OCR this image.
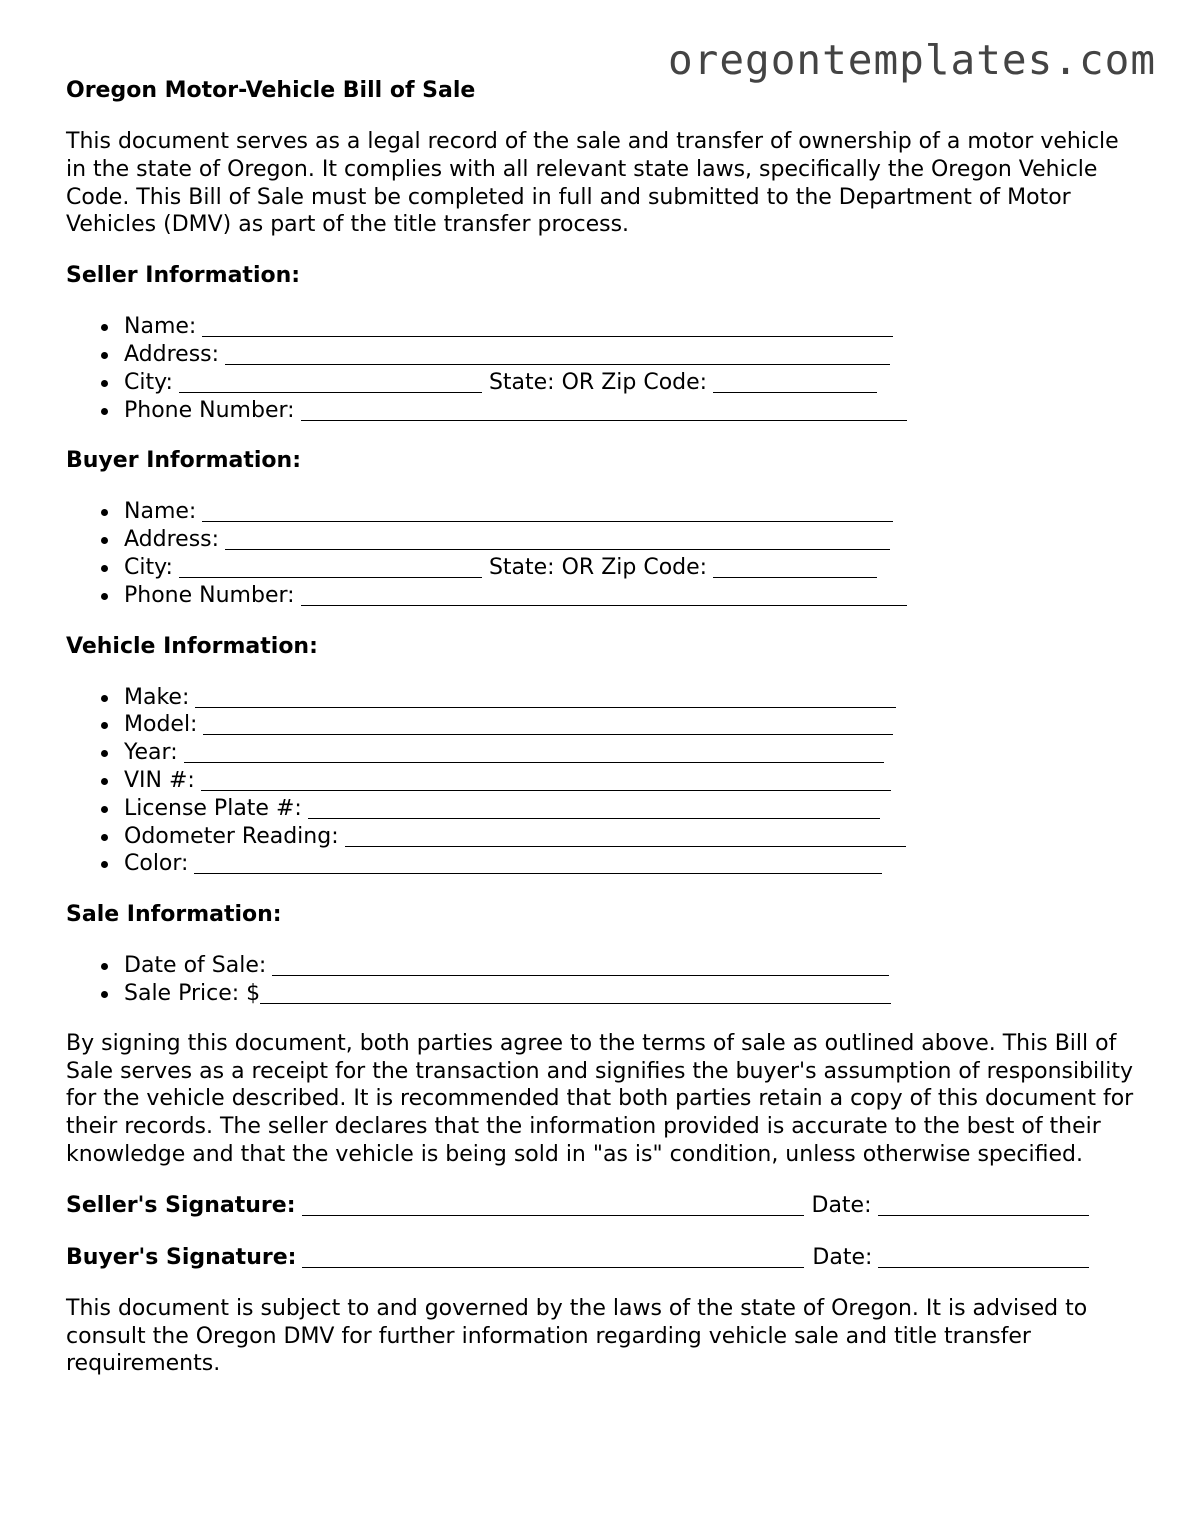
oregontemplates.com
Oregon Motor-Vehicle Bill of Sale

This document serves as a legal record of the sale and transfer of ownership of a motor vehicle in the state of Oregon. It complies with all relevant state laws, specifically the Oregon Vehicle Code. This Bill of Sale must be completed in full and submitted to the Department of Motor Vehicles (DMV) as part of the title transfer process.

Seller Information:
Name:
Address:
City:	State: OR Zip Code:
Phone Number:
Buyer Information:
Name:
Address:
City:	State: OR Zip Code:
Phone Number:
Vehicle Information:
Make:
Model:
Year:
VIN #:
License Plate #:
Odometer Reading:
Color:
Sale Information:
Date of Sale:
Sale Price: $

By signing this document, both parties agree to the terms of sale as outlined above. This Bill of Sale serves as a receipt for the transaction and signifies the buyer's assumption of responsibility for the vehicle described. It is recommended that both parties retain a copy of this document for their records. The seller declares that the information provided is accurate to the best of their knowledge and that the vehicle is being sold in "as is" condition, unless otherwise specified.

Seller's Signature:	Date:
Buyer's Signature:	Date:

This document is subject to and governed by the laws of the state of Oregon. It is advised to consult the Oregon DMV for further information regarding vehicle sale and title transfer requirements.
